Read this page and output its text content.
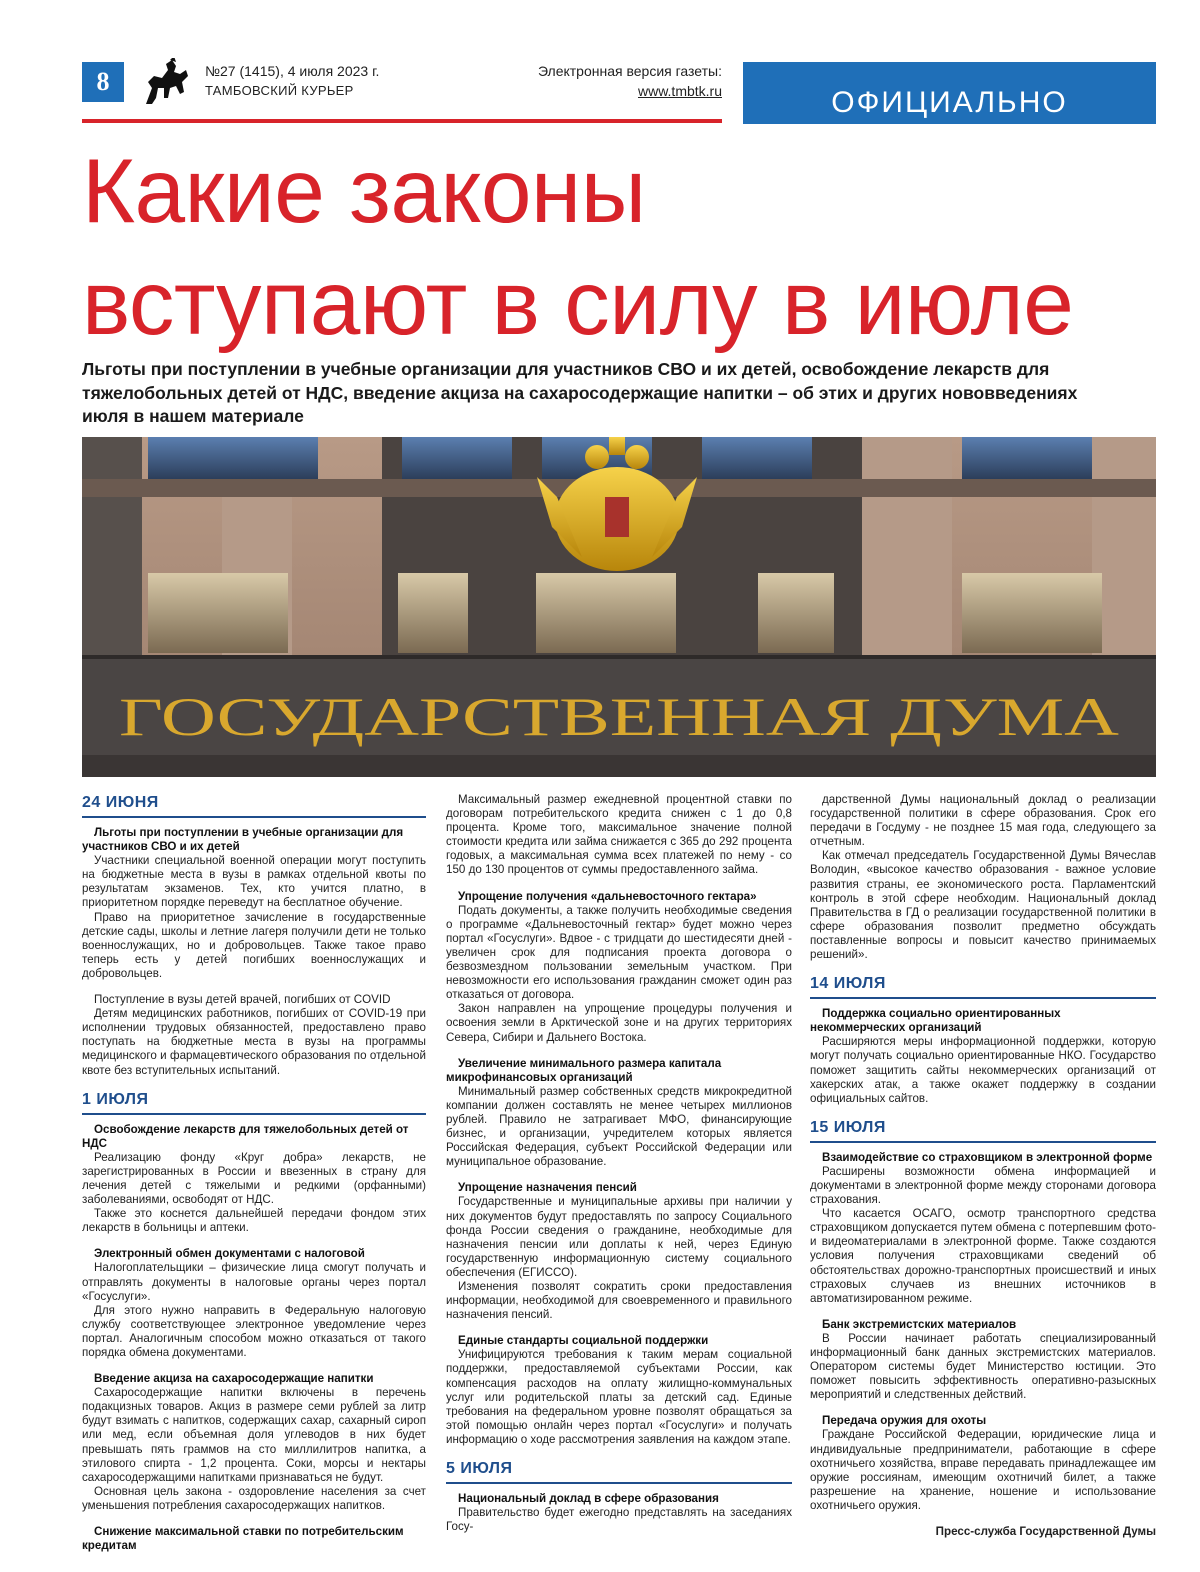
8	№27 (1415), 4 июля 2023 г.
ТАМБОВСКИЙ КУРЬЕР
Электронная версия газеты:
www.tmbtk.ru	ОФИЦИАЛЬНО
Какие законы
вступают в силу в июле

Льготы при поступлении в учебные организации для участников СВО и их детей, освобождение лекарств для тяжелобольных детей от НДС, введение акциза на сахаросодержащие напитки – об этих и других нововведениях июля в нашем материале

ГОСУДАРСТВЕННАЯ ДУМА
24 ИЮНЯ

Льготы при поступлении в учебные организации для участников СВО и их детей

Участники специальной военной операции могут поступить на бюджетные места в вузы в рамках отдельной квоты по результатам экзаменов. Тех, кто учится платно, в приоритетном порядке переведут на бесплатное обучение.

Право на приоритетное зачисление в государственные детские сады, школы и летние лагеря получили дети не только военнослужащих, но и добровольцев. Также такое право теперь есть у детей погибших военнослужащих и добровольцев.

Поступление в вузы детей врачей, погибших от COVID

Детям медицинских работников, погибших от COVID-19 при исполнении трудовых обязанностей, предоставлено право поступать на бюджетные места в вузы на программы медицинского и фармацевтического образования по отдельной квоте без вступительных испытаний.

1 ИЮЛЯ

Освобождение лекарств для тяжелобольных детей от НДС

Реализацию фонду «Круг добра» лекарств, не зарегистрированных в России и ввезенных в страну для лечения детей с тяжелыми и редкими (орфанными) заболеваниями, освободят от НДС.

Также это коснется дальнейшей передачи фондом этих лекарств в больницы и аптеки.

Электронный обмен документами с налоговой

Налогоплательщики – физические лица смогут получать и отправлять документы в налоговые органы через портал «Госуслуги».

Для этого нужно направить в Федеральную налоговую службу соответствующее электронное уведомление через портал. Аналогичным способом можно отказаться от такого порядка обмена документами.

Введение акциза на сахаросодержащие напитки

Сахаросодержащие напитки включены в перечень подакцизных товаров. Акциз в размере семи рублей за литр будут взимать с напитков, содержащих сахар, сахарный сироп или мед, если объемная доля углеводов в них будет превышать пять граммов на сто миллилитров напитка, а этилового спирта - 1,2 процента. Соки, морсы и нектары сахаросодержащими напитками признаваться не будут.

Основная цель закона - оздоровление населения за счет уменьшения потребления сахаросодержащих напитков.

Снижение максимальной ставки по потребительским кредитам

Максимальный размер ежедневной процентной ставки по договорам потребительского кредита снижен с 1 до 0,8 процента. Кроме того, максимальное значение полной стоимости кредита или займа снижается с 365 до 292 процента годовых, а максимальная сумма всех платежей по нему - со 150 до 130 процентов от суммы предоставленного займа.

Упрощение получения «дальневосточного гектара»

Подать документы, а также получить необходимые сведения о программе «Дальневосточный гектар» будет можно через портал «Госуслуги». Вдвое - с тридцати до шестидесяти дней - увеличен срок для подписания проекта договора о безвозмездном пользовании земельным участком. При невозможности его использования гражданин сможет один раз отказаться от договора.

Закон направлен на упрощение процедуры получения и освоения земли в Арктической зоне и на других территориях Севера, Сибири и Дальнего Востока.

Увеличение минимального размера капитала микрофинансовых организаций

Минимальный размер собственных средств микрокредитной компании должен составлять не менее четырех миллионов рублей. Правило не затрагивает МФО, финансирующие бизнес, и организации, учредителем которых является Российская Федерация, субъект Российской Федерации или муниципальное образование.

Упрощение назначения пенсий

Государственные и муниципальные архивы при наличии у них документов будут предоставлять по запросу Социального фонда России сведения о гражданине, необходимые для назначения пенсии или доплаты к ней, через Единую государственную информационную систему социального обеспечения (ЕГИССО).

Изменения позволят сократить сроки предоставления информации, необходимой для своевременного и правильного назначения пенсий.

Единые стандарты социальной поддержки

Унифицируются требования к таким мерам социальной поддержки, предоставляемой субъектами России, как компенсация расходов на оплату жилищно-коммунальных услуг или родительской платы за детский сад. Единые требования на федеральном уровне позволят обращаться за этой помощью онлайн через портал «Госуслуги» и получать информацию о ходе рассмотрения заявления на каждом этапе.

5 ИЮЛЯ

Национальный доклад в сфере образования

Правительство будет ежегодно представлять на заседаниях Госу-

дарственной Думы национальный доклад о реализации государственной политики в сфере образования. Срок его передачи в Госдуму - не позднее 15 мая года, следующего за отчетным.

Как отмечал председатель Государственной Думы Вячеслав Володин, «высокое качество образования - важное условие развития страны, ее экономического роста. Парламентский контроль в этой сфере необходим. Национальный доклад Правительства в ГД о реализации государственной политики в сфере образования позволит предметно обсуждать поставленные вопросы и повысит качество принимаемых решений».

14 ИЮЛЯ

Поддержка социально ориентированных некоммерческих организаций

Расширяются меры информационной поддержки, которую могут получать социально ориентированные НКО. Государство поможет защитить сайты некоммерческих организаций от хакерских атак, а также окажет поддержку в создании официальных сайтов.

15 ИЮЛЯ

Взаимодействие со страховщиком в электронной форме

Расширены возможности обмена информацией и документами в электронной форме между сторонами договора страхования.

Что касается ОСАГО, осмотр транспортного средства страховщиком допускается путем обмена с потерпевшим фото- и видеоматериалами в электронной форме. Также создаются условия получения страховщиками сведений об обстоятельствах дорожно-транспортных происшествий и иных страховых случаев из внешних источников в автоматизированном режиме.

Банк экстремистских материалов

В России начинает работать специализированный информационный банк данных экстремистских материалов. Оператором системы будет Министерство юстиции. Это поможет повысить эффективность оперативно-разыскных мероприятий и следственных действий.

Передача оружия для охоты

Граждане Российской Федерации, юридические лица и индивидуальные предприниматели, работающие в сфере охотничьего хозяйства, вправе передавать принадлежащее им оружие россиянам, имеющим охотничий билет, а также разрешение на хранение, ношение и использование охотничьего оружия.

Пресс-служба Государственной Думы
